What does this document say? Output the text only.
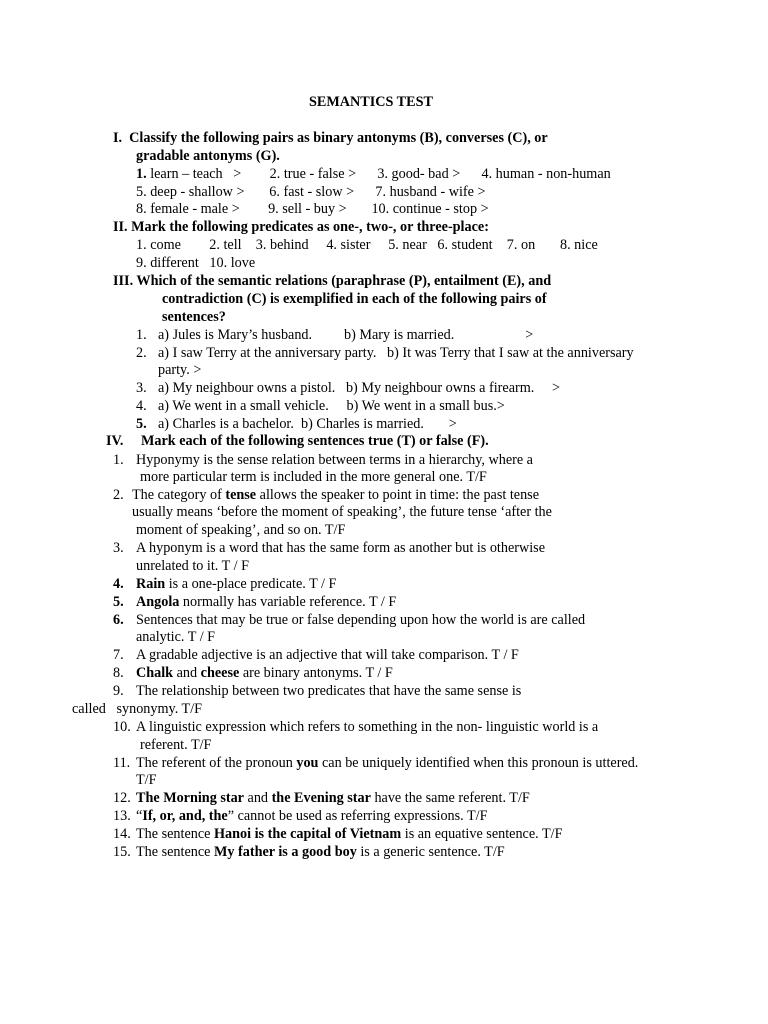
SEMANTICS TEST
I.  Classify the following pairs as binary antonyms (B), converses (C), or
gradable antonyms (G).
1. learn – teach   >        2. true - false >      3. good- bad >      4. human - non-human
5. deep - shallow >       6. fast - slow >      7. husband - wife >
8. female - male >        9. sell - buy >       10. continue - stop >
II. Mark the following predicates as one-, two-, or three-place:
1. come        2. tell    3. behind     4. sister     5. near   6. student    7. on       8. nice
9. different   10. love
III. Which of the semantic relations (paraphrase (P), entailment (E), and
contradiction (C) is exemplified in each of the following pairs of
sentences?
1. a) Jules is Mary’s husband.         b) Mary is married.                    >
2. a) I saw Terry at the anniversary party.   b) It was Terry that I saw at the anniversary
party. >
3. a) My neighbour owns a pistol.   b) My neighbour owns a firearm.     >
4. a) We went in a small vehicle.     b) We went in a small bus.>
5. a) Charles is a bachelor.  b) Charles is married.       >
IV. Mark each of the following sentences true (T) or false (F).
1. Hyponymy is the sense relation between terms in a hierarchy, where a
more particular term is included in the more general one. T/F
2. The category of tense allows the speaker to point in time: the past tense
usually means ‘before the moment of speaking’, the future tense ‘after the
moment of speaking’, and so on. T/F
3. A hyponym is a word that has the same form as another but is otherwise
unrelated to it. T / F
4. Rain is a one-place predicate. T / F
5. Angola normally has variable reference. T / F
6. Sentences that may be true or false depending upon how the world is are called
analytic. T / F
7. A gradable adjective is an adjective that will take comparison. T / F
8. Chalk and cheese are binary antonyms. T / F
9. The relationship between two predicates that have the same sense is
called   synonymy. T/F
10. A linguistic expression which refers to something in the non- linguistic world is a
referent. T/F
11. The referent of the pronoun you can be uniquely identified when this pronoun is uttered.
T/F
12. The Morning star and the Evening star have the same referent. T/F
13. “If, or, and, the” cannot be used as referring expressions. T/F
14. The sentence Hanoi is the capital of Vietnam is an equative sentence. T/F
15. The sentence My father is a good boy is a generic sentence. T/F
